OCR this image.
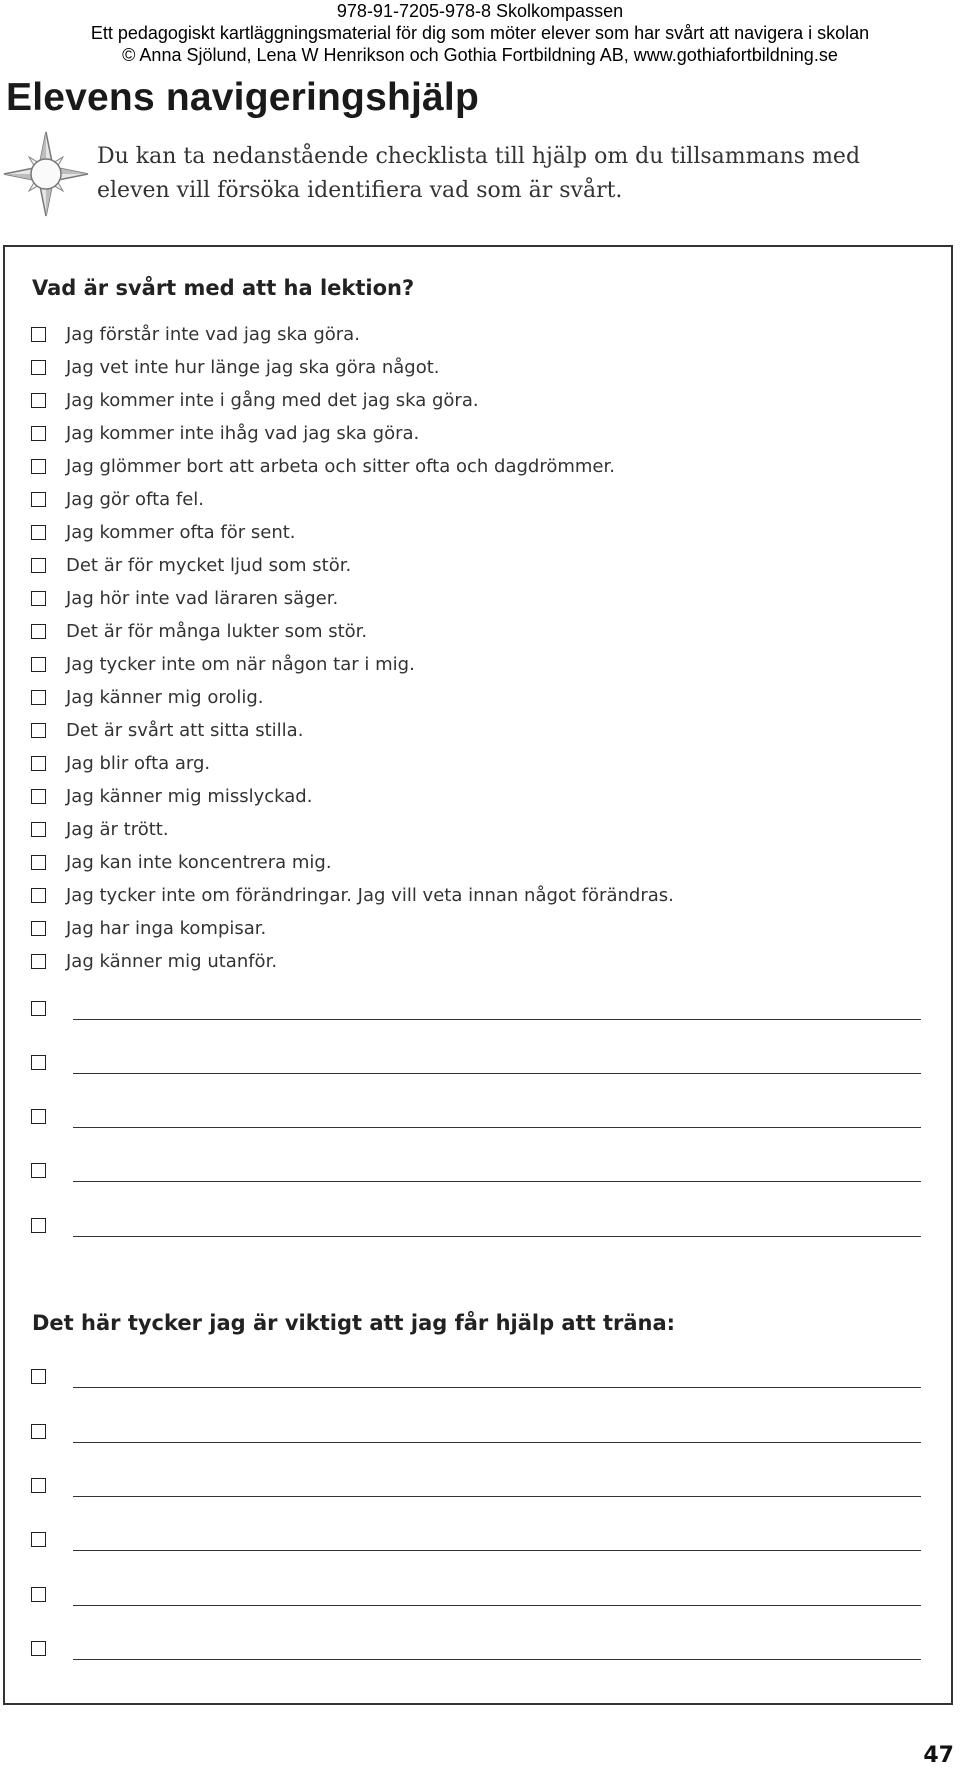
978-91-7205-978-8 Skolkompassen
Ett pedagogiskt kartläggningsmaterial för dig som möter elever som har svårt att navigera i skolan
© Anna Sjölund, Lena W Henrikson och Gothia Fortbildning AB, www.gothiafortbildning.se
Elevens navigeringshjälp

Du kan ta nedanstående checklista till hjälp om du tillsammans med eleven vill försöka identifiera vad som är svårt.

Vad är svårt med att ha lektion?
Jag förstår inte vad jag ska göra.
Jag vet inte hur länge jag ska göra något.
Jag kommer inte i gång med det jag ska göra.
Jag kommer inte ihåg vad jag ska göra.
Jag glömmer bort att arbeta och sitter ofta och dagdrömmer.
Jag gör ofta fel.
Jag kommer ofta för sent.
Det är för mycket ljud som stör.
Jag hör inte vad läraren säger.
Det är för många lukter som stör.
Jag tycker inte om när någon tar i mig.
Jag känner mig orolig.
Det är svårt att sitta stilla.
Jag blir ofta arg.
Jag känner mig misslyckad.
Jag är trött.
Jag kan inte koncentrera mig.
Jag tycker inte om förändringar. Jag vill veta innan något förändras.
Jag har inga kompisar.
Jag känner mig utanför.
Det här tycker jag är viktigt att jag får hjälp att träna:
47
